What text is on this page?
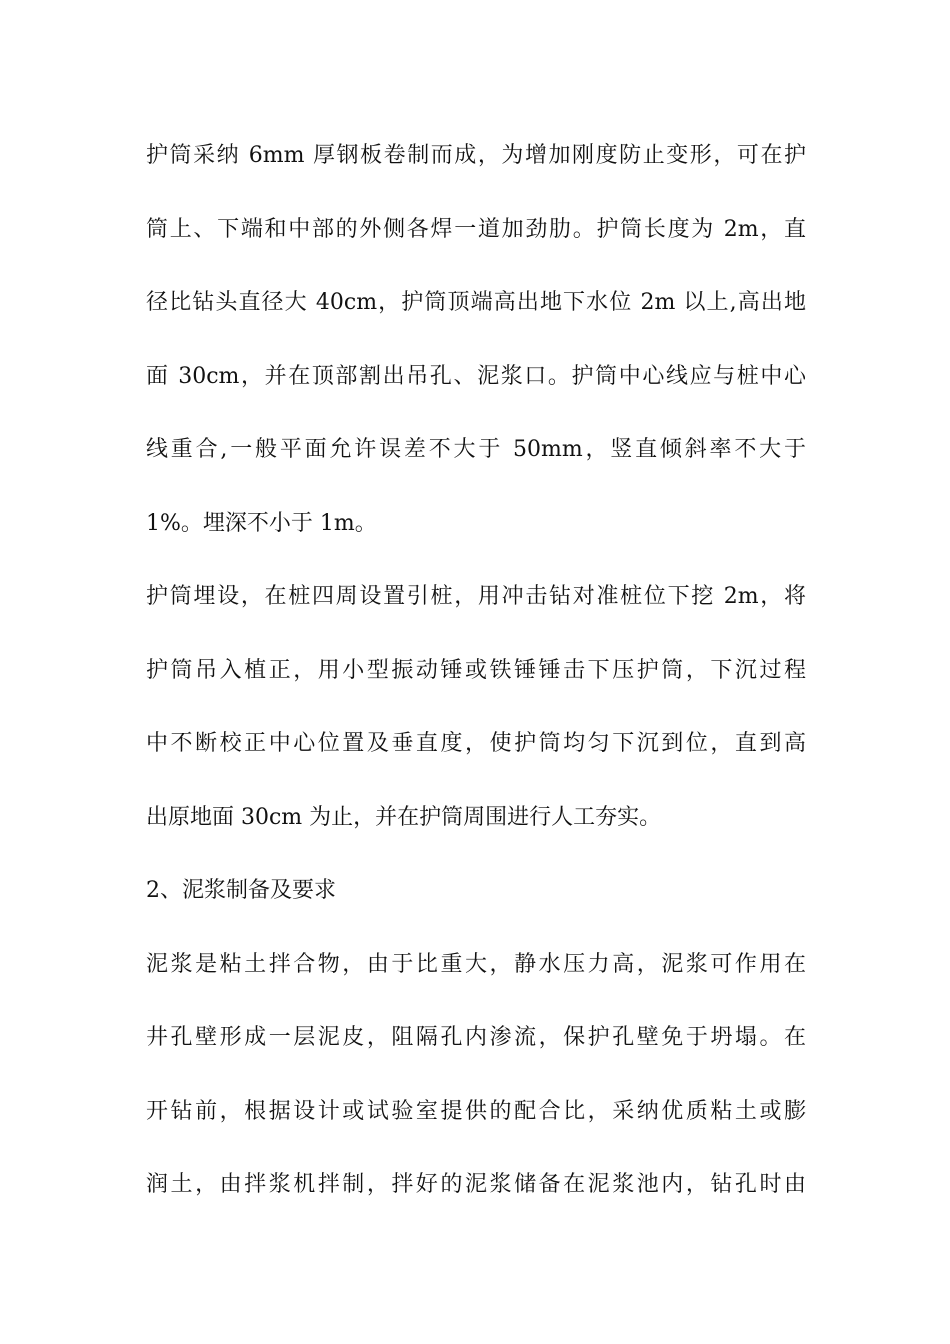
护筒采纳 6mm 厚钢板卷制而成，为增加刚度防止变形，可在护
筒上、下端和中部的外侧各焊一道加劲肋。护筒长度为 2m，直
径比钻头直径大 40cm，护筒顶端高出地下水位 2m 以上,高出地
面 30cm，并在顶部割出吊孔、泥浆口。护筒中心线应与桩中心
线重合,一般平面允许误差不大于 50mm，竖直倾斜率不大于
1%。埋深不小于 1m。
护筒埋设，在桩四周设置引桩，用冲击钻对准桩位下挖 2m，将
护筒吊入植正，用小型振动锤或铁锤锤击下压护筒，下沉过程
中不断校正中心位置及垂直度，使护筒均匀下沉到位，直到高
出原地面 30cm 为止，并在护筒周围进行人工夯实。
2、泥浆制备及要求
泥浆是粘土拌合物，由于比重大，静水压力高，泥浆可作用在
井孔壁形成一层泥皮，阻隔孔内渗流，保护孔壁免于坍塌。在
开钻前，根据设计或试验室提供的配合比，采纳优质粘土或膨
润土，由拌浆机拌制，拌好的泥浆储备在泥浆池内，钻孔时由
